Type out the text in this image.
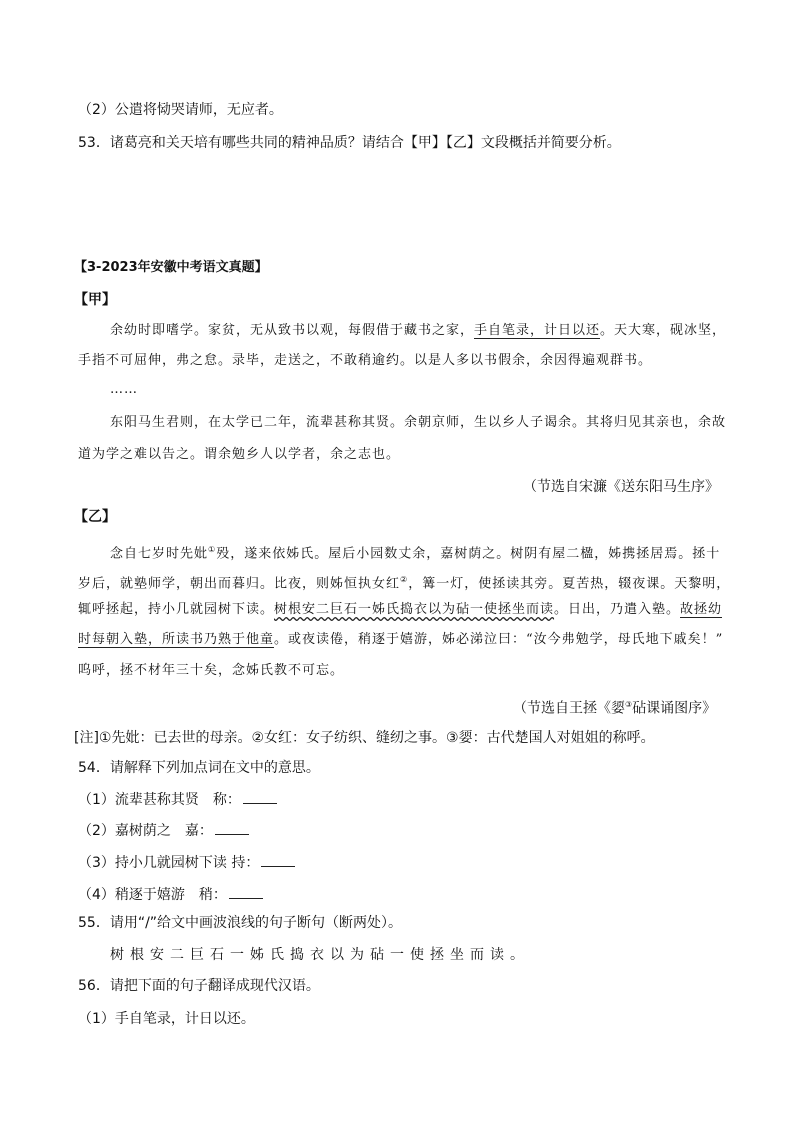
（2）公遣将恸哭请师，无应者。
53．诸葛亮和关天培有哪些共同的精神品质？请结合【甲】【乙】文段概括并简要分析。
【3-2023年安徽中考语文真题】
【甲】
余幼时即嗜学。家贫，无从致书以观，每假借于藏书之家，手自笔录，计日以还。天大寒，砚冰坚，
手指不可屈伸，弗之怠。录毕，走送之，不敢稍逾约。以是人多以书假余，余因得遍观群书。
……
东阳马生君则，在太学已二年，流辈甚称其贤。余朝京师，生以乡人子谒余。其将归见其亲也，余故
道为学之难以告之。谓余勉乡人以学者，余之志也。
（节选自宋濂《送东阳马生序》
【乙】
念自七岁时先妣①殁，遂来依姊氏。屋后小园数丈余，嘉树荫之。树阴有屋二楹，姊携拯居焉。拯十
岁后，就塾师学，朝出而暮归。比夜，则姊恒执女红②，篝一灯，使拯读其旁。夏苦热，辍夜课。天黎明，
辄呼拯起，持小几就园树下读。树根安二巨石一姊氏捣衣以为砧一使拯坐而读。日出，乃遣入塾。故拯幼
时每朝入塾，所读书乃熟于他童。或夜读倦，稍逐于嬉游，姊必涕泣曰：“汝今弗勉学，母氏地下戚矣！”
呜呼，拯不材年三十矣，念姊氏教不可忘。
（节选自王拯《媭③砧课诵图序》
[注]①先妣：已去世的母亲。②女红：女子纺织、缝纫之事。③媭：古代楚国人对姐姐的称呼。
54．请解释下列加点词在文中的意思。
（1）流辈甚称其贤　称：
（2）嘉树荫之　嘉：
（3）持小几就园树下读 持：
（4）稍逐于嬉游　稍：
55．请用“/”给文中画波浪线的句子断句（断两处）。
树根安二巨石一姊氏捣衣以为砧一使拯坐而读。
56．请把下面的句子翻译成现代汉语。
（1）手自笔录，计日以还。
